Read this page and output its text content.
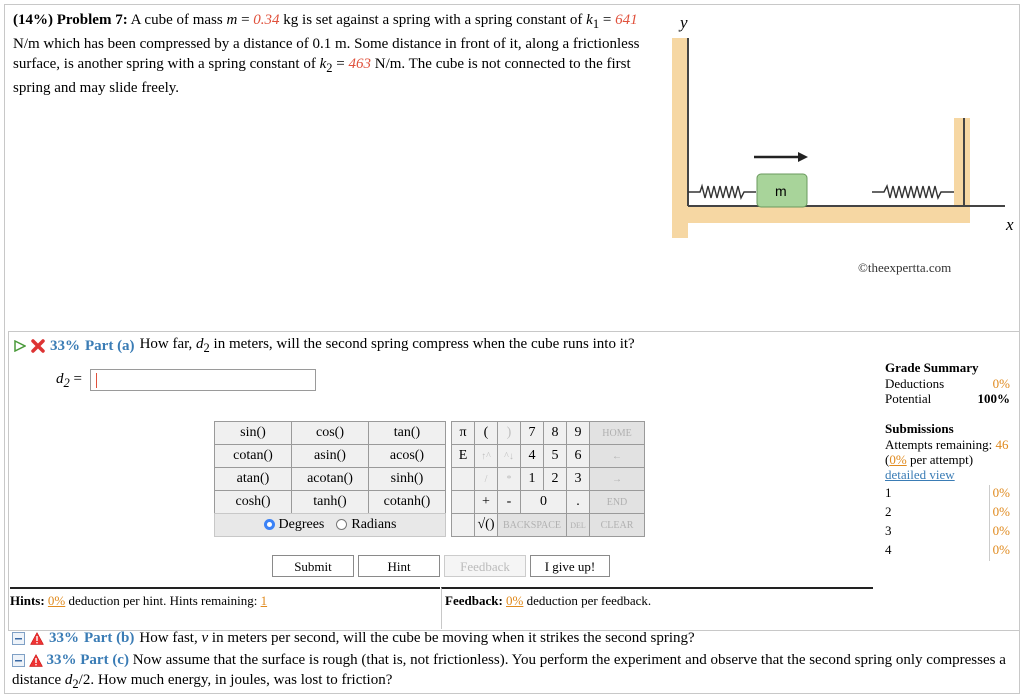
(14%) Problem 7: A cube of mass m = 0.34 kg is set against a spring with a spring constant of $k_1 = 641$ N/m which has been compressed by a distance of 0.1 m. Some distance in front of it, along a frictionless surface, is another spring with a spring constant of $k_2 = 463$ N/m. The cube is not connected to the first spring and may slide freely.
y
x
m
©theexpertta.com
33% Part (a) How far, $d_2$ in meters, will the second spring compress when the cube runs into it?
$d_2$ =
sin()	cos()	tan()
cotan()	asin()	acos()
atan()	acotan()	sinh()
cosh()	tanh()	cotanh()
Degrees	Radians
π	(	)	7	8	9	HOME
E	↑^	^↓	4	5	6	←
	/	*	1	2	3	→
	+	-	0		.	END
	√()	BACKSPACE			DEL	CLEAR
Submit	Hint	Feedback	I give up!
Hints: 0% deduction per hint. Hints remaining: 1	Feedback: 0% deduction per feedback.
Grade Summary
Deductions	0%
Potential	100%
Submissions
Attempts remaining: 46
(0% per attempt)
detailed view
1	0%
2	0%
3	0%
4	0%
33% Part (b) How fast, v in meters per second, will the cube be moving when it strikes the second spring?
33% Part (c) Now assume that the surface is rough (that is, not frictionless). You perform the experiment and observe that the second spring only compresses a distance $d_2/2$. How much energy, in joules, was lost to friction?
